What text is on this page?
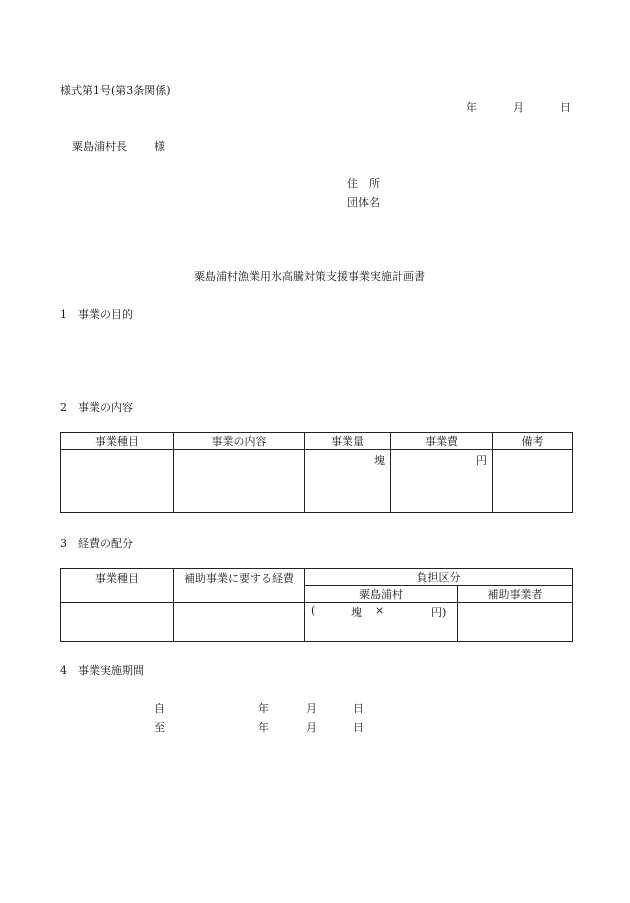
様式第1号(第3条関係)
年	月	日
粟島浦村長 様
住　所
団体名
粟島浦村漁業用氷高騰対策支援事業実施計画書
1　事業の目的
2　事業の内容
事業種目	事業の内容	事業量	事業費	備考
		塊	円	
3　経費の配分
事業種目	補助事業に要する経費	負担区分	
		粟島浦村	補助事業者

		( 塊 × 円)	

4　事業実施期間
自	年	月	日
至	年	月	日
